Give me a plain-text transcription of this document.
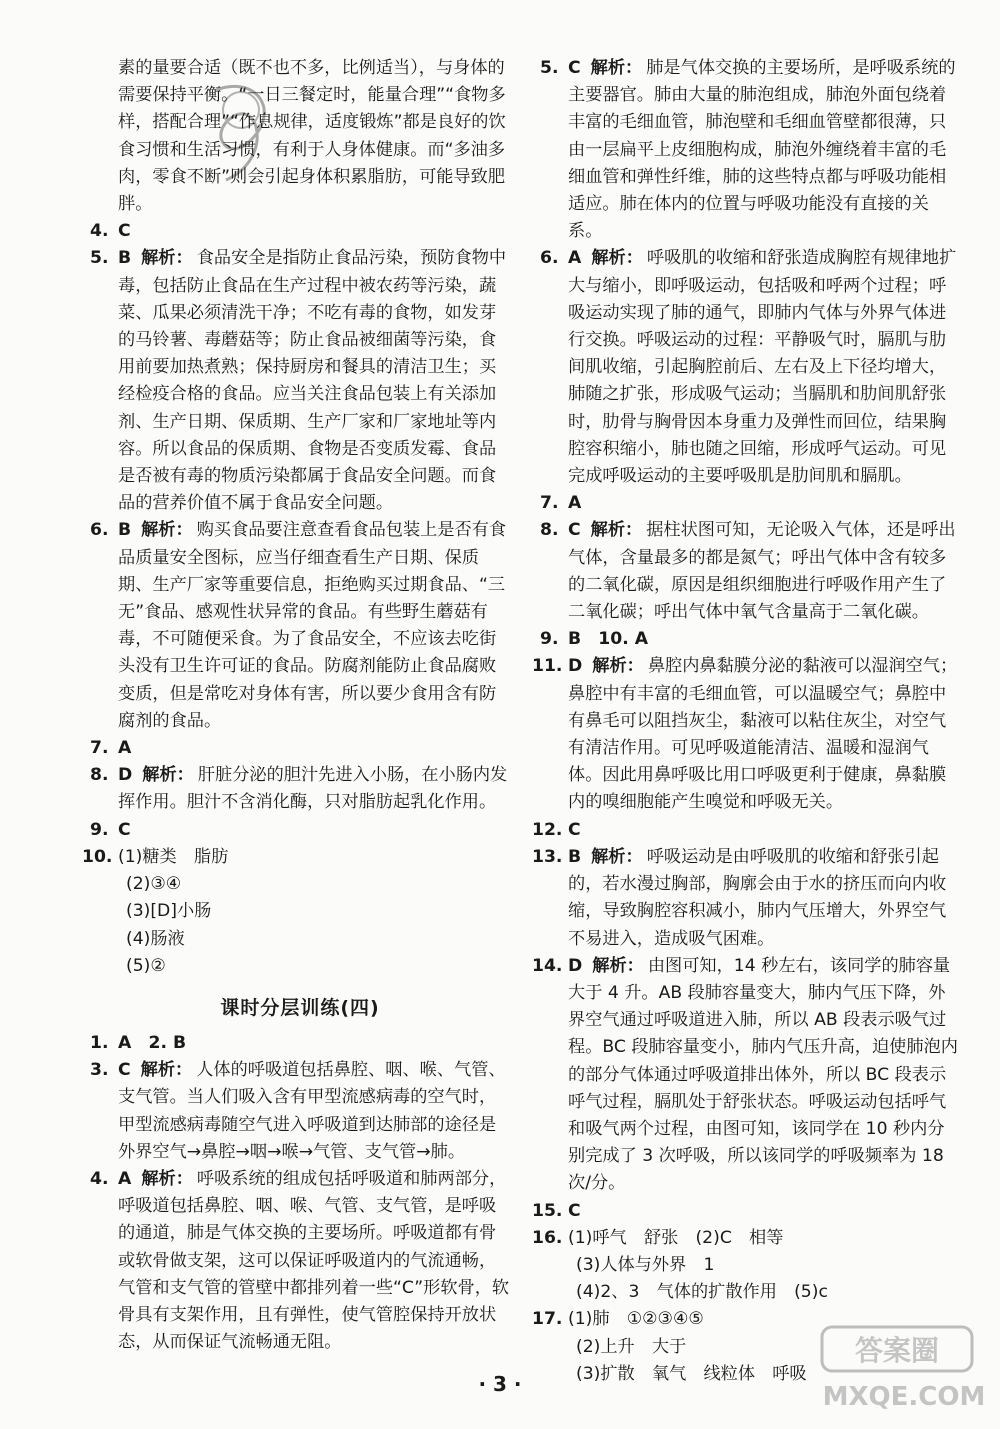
素的量要合适（既不也不多，比例适当），与身体的需要保持平衡。“一日三餐定时，能量合理”“食物多样，搭配合理”“作息规律，适度锻炼”都是良好的饮食习惯和生活习惯，有利于人身体健康。而“多油多肉，零食不断”则会引起身体积累脂肪，可能导致肥胖。
4. C
5. B 解析： 食品安全是指防止食品污染，预防食物中毒，包括防止食品在生产过程中被农药等污染，蔬菜、瓜果必须清洗干净；不吃有毒的食物，如发芽的马铃薯、毒蘑菇等；防止食品被细菌等污染，食用前要加热煮熟；保持厨房和餐具的清洁卫生；买经检疫合格的食品。应当关注食品包装上有关添加剂、生产日期、保质期、生产厂家和厂家地址等内容。所以食品的保质期、食物是否变质发霉、食品是否被有毒的物质污染都属于食品安全问题。而食品的营养价值不属于食品安全问题。
6. B 解析： 购买食品要注意查看食品包装上是否有食品质量安全图标，应当仔细查看生产日期、保质期、生产厂家等重要信息，拒绝购买过期食品、“三无”食品、感观性状异常的食品。有些野生蘑菇有毒，不可随便采食。为了食品安全，不应该去吃街头没有卫生许可证的食品。防腐剂能防止食品腐败变质，但是常吃对身体有害，所以要少食用含有防腐剂的食品。
7. A
8. D 解析： 肝脏分泌的胆汁先进入小肠，在小肠内发挥作用。胆汁不含消化酶，只对脂肪起乳化作用。
9. C
10. (1)糖类　脂肪
(2)③④
(3)[D]小肠
(4)肠液
(5)②
课时分层训练(四)
1. A　2. B
3. C 解析： 人体的呼吸道包括鼻腔、咽、喉、气管、支气管。当人们吸入含有甲型流感病毒的空气时，甲型流感病毒随空气进入呼吸道到达肺部的途径是外界空气→鼻腔→咽→喉→气管、支气管→肺。
4. A 解析： 呼吸系统的组成包括呼吸道和肺两部分，呼吸道包括鼻腔、咽、喉、气管、支气管，是呼吸的通道，肺是气体交换的主要场所。呼吸道都有骨或软骨做支架，这可以保证呼吸道内的气流通畅，气管和支气管的管壁中都排列着一些“C”形软骨，软骨具有支架作用，且有弹性，使气管腔保持开放状态，从而保证气流畅通无阻。
5. C 解析： 肺是气体交换的主要场所，是呼吸系统的主要器官。肺由大量的肺泡组成，肺泡外面包绕着丰富的毛细血管，肺泡壁和毛细血管壁都很薄，只由一层扁平上皮细胞构成，肺泡外缠绕着丰富的毛细血管和弹性纤维，肺的这些特点都与呼吸功能相适应。肺在体内的位置与呼吸功能没有直接的关系。
6. A 解析： 呼吸肌的收缩和舒张造成胸腔有规律地扩大与缩小，即呼吸运动，包括吸和呼两个过程；呼吸运动实现了肺的通气，即肺内气体与外界气体进行交换。呼吸运动的过程：平静吸气时，膈肌与肋间肌收缩，引起胸腔前后、左右及上下径均增大，肺随之扩张，形成吸气运动；当膈肌和肋间肌舒张时，肋骨与胸骨因本身重力及弹性而回位，结果胸腔容积缩小，肺也随之回缩，形成呼气运动。可见完成呼吸运动的主要呼吸肌是肋间肌和膈肌。
7. A
8. C 解析： 据柱状图可知，无论吸入气体，还是呼出气体，含量最多的都是氮气；呼出气体中含有较多的二氧化碳，原因是组织细胞进行呼吸作用产生了二氧化碳；呼出气体中氧气含量高于二氧化碳。
9. B　10. A
11. D 解析： 鼻腔内鼻黏膜分泌的黏液可以湿润空气；鼻腔中有丰富的毛细血管，可以温暖空气；鼻腔中有鼻毛可以阻挡灰尘，黏液可以粘住灰尘，对空气有清洁作用。可见呼吸道能清洁、温暖和湿润气体。因此用鼻呼吸比用口呼吸更利于健康，鼻黏膜内的嗅细胞能产生嗅觉和呼吸无关。
12. C
13. B 解析： 呼吸运动是由呼吸肌的收缩和舒张引起的，若水漫过胸部，胸廓会由于水的挤压而向内收缩，导致胸腔容积减小，肺内气压增大，外界空气不易进入，造成吸气困难。
14. D 解析： 由图可知，14 秒左右，该同学的肺容量大于 4 升。AB 段肺容量变大，肺内气压下降，外界空气通过呼吸道进入肺，所以 AB 段表示吸气过程。BC 段肺容量变小，肺内气压升高，迫使肺泡内的部分气体通过呼吸道排出体外，所以 BC 段表示呼气过程，膈肌处于舒张状态。呼吸运动包括呼气和吸气两个过程，由图可知，该同学在 10 秒内分别完成了 3 次呼吸，所以该同学的呼吸频率为 18 次/分。
15. C
16. (1)呼气　舒张　(2)C　相等
(3)人体与外界　1
(4)2、3　气体的扩散作用　(5)c
17. (1)肺　①②③④⑤
(2)上升　大于
(3)扩散　氧气　线粒体　呼吸
· 3 ·
答案圈
MXQE.COM
